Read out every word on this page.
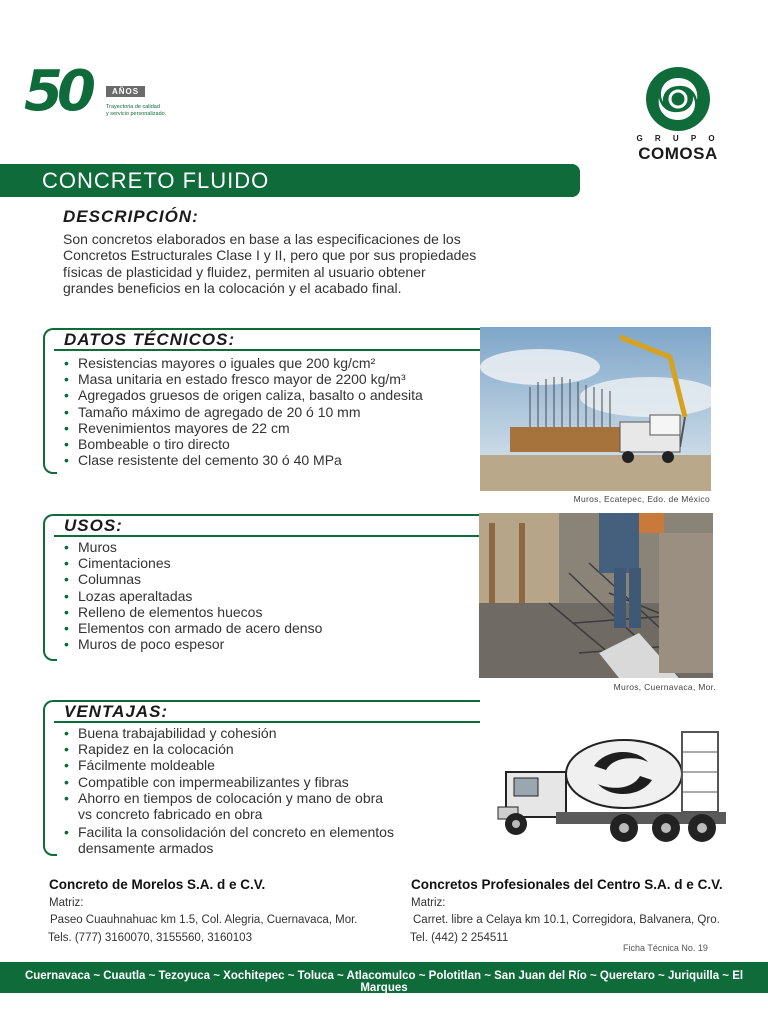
50	AÑOS
Trayectoria de calidad
y servicio personalizado.
G R U P O
COMOSA
CONCRETO FLUIDO
DESCRIPCIÓN:
Son concretos elaborados en base a las especificaciones de los
Concretos Estructurales Clase I y II, pero que por sus propiedades
físicas de plasticidad y fluidez, permiten al usuario obtener
grandes beneficios en la colocación y el acabado final.
DATOS TÉCNICOS:
• Resistencias mayores o iguales que 200 kg/cm²
• Masa unitaria en estado fresco mayor de 2200 kg/m³
• Agregados gruesos de origen caliza, basalto o andesita
• Tamaño máximo de agregado de 20 ó 10 mm
• Revenimientos mayores de 22 cm
• Bombeable o tiro directo
• Clase resistente del cemento 30 ó 40 MPa
Muros, Ecatepec, Edo. de México
USOS:
• Muros
• Cimentaciones
• Columnas
• Lozas aperaltadas
• Relleno de elementos huecos
• Elementos con armado de acero denso
• Muros de poco espesor
Muros, Cuernavaca, Mor.
VENTAJAS:
• Buena trabajabilidad y cohesión
• Rapidez en la colocación
• Fácilmente moldeable
• Compatible con impermeabilizantes y fibras
• Ahorro en tiempos de colocación y mano de obra
vs concreto fabricado en obra
• Facilita la consolidación del concreto en elementos
densamente armados
Concreto de Morelos S.A. d e C.V.
Matriz:
Paseo Cuauhnahuac km 1.5, Col. Alegria, Cuernavaca, Mor.
Tels. (777) 3160070, 3155560, 3160103
Concretos Profesionales del Centro S.A. d e C.V.
Matriz:
Carret. libre a Celaya km 10.1, Corregidora, Balvanera, Qro.
Tel. (442) 2 254511
Ficha Técnica No. 19
Cuernavaca ~ Cuautla ~ Tezoyuca ~ Xochitepec ~ Toluca ~ Atlacomulco ~ Polotitlan ~ San Juan del Río ~ Queretaro ~ Juriquilla ~ El Marques
